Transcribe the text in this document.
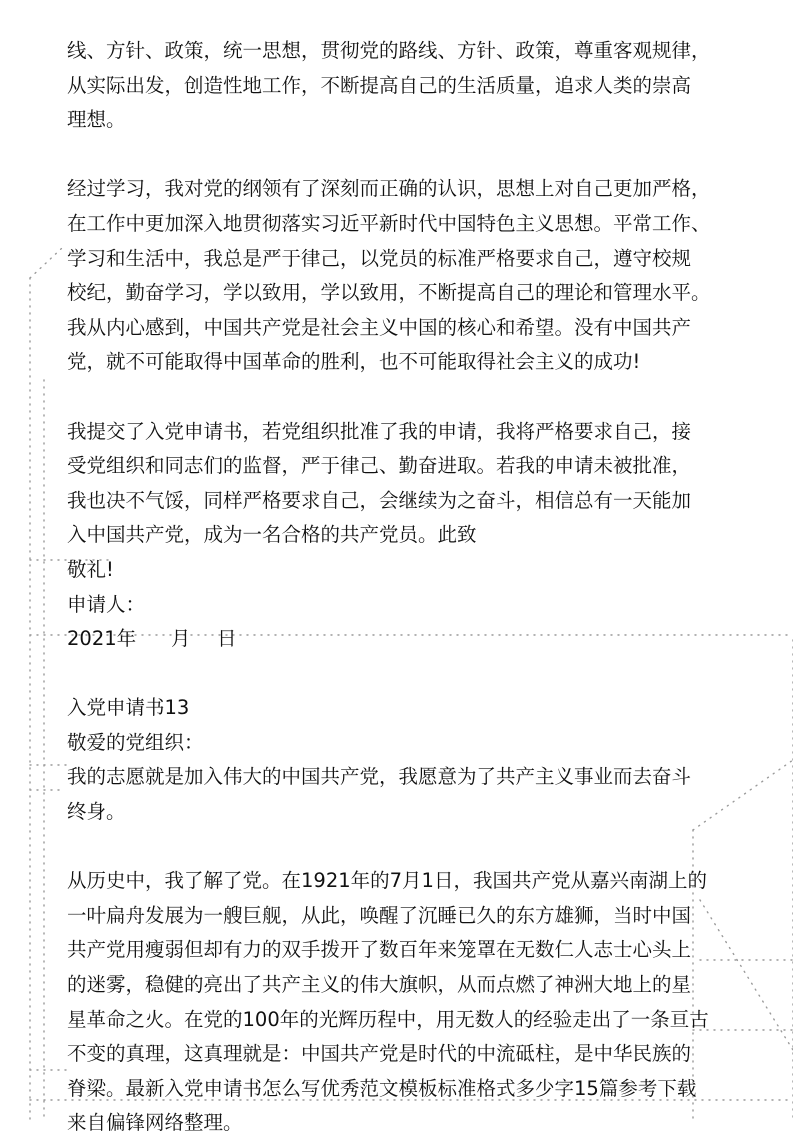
线、方针、政策，统一思想，贯彻党的路线、方针、政策，尊重客观规律，
从实际出发，创造性地工作，不断提高自己的生活质量，追求人类的崇高
理想。
经过学习，我对党的纲领有了深刻而正确的认识，思想上对自己更加严格，
在工作中更加深入地贯彻落实习近平新时代中国特色主义思想。平常工作、
学习和生活中，我总是严于律己，以党员的标准严格要求自己，遵守校规
校纪，勤奋学习，学以致用，学以致用，不断提高自己的理论和管理水平。
我从内心感到，中国共产党是社会主义中国的核心和希望。没有中国共产
党，就不可能取得中国革命的胜利，也不可能取得社会主义的成功!
我提交了入党申请书，若党组织批准了我的申请，我将严格要求自己，接
受党组织和同志们的监督，严于律己、勤奋进取。若我的申请未被批准，
我也决不气馁，同样严格要求自己，会继续为之奋斗，相信总有一天能加
入中国共产党，成为一名合格的共产党员。此致
敬礼!
申请人：
2021年 月 日
入党申请书13
敬爱的党组织：
我的志愿就是加入伟大的中国共产党，我愿意为了共产主义事业而去奋斗
终身。
从历史中，我了解了党。在1921年的7月1日，我国共产党从嘉兴南湖上的
一叶扁舟发展为一艘巨舰，从此，唤醒了沉睡已久的东方雄狮，当时中国
共产党用瘦弱但却有力的双手拨开了数百年来笼罩在无数仁人志士心头上
的迷雾，稳健的亮出了共产主义的伟大旗帜，从而点燃了神洲大地上的星
星革命之火。在党的100年的光辉历程中，用无数人的经验走出了一条亘古
不变的真理，这真理就是：中国共产党是时代的中流砥柱，是中华民族的
脊梁。最新入党申请书怎么写优秀范文模板标准格式多少字15篇参考下载
来自偏锋网络整理。
